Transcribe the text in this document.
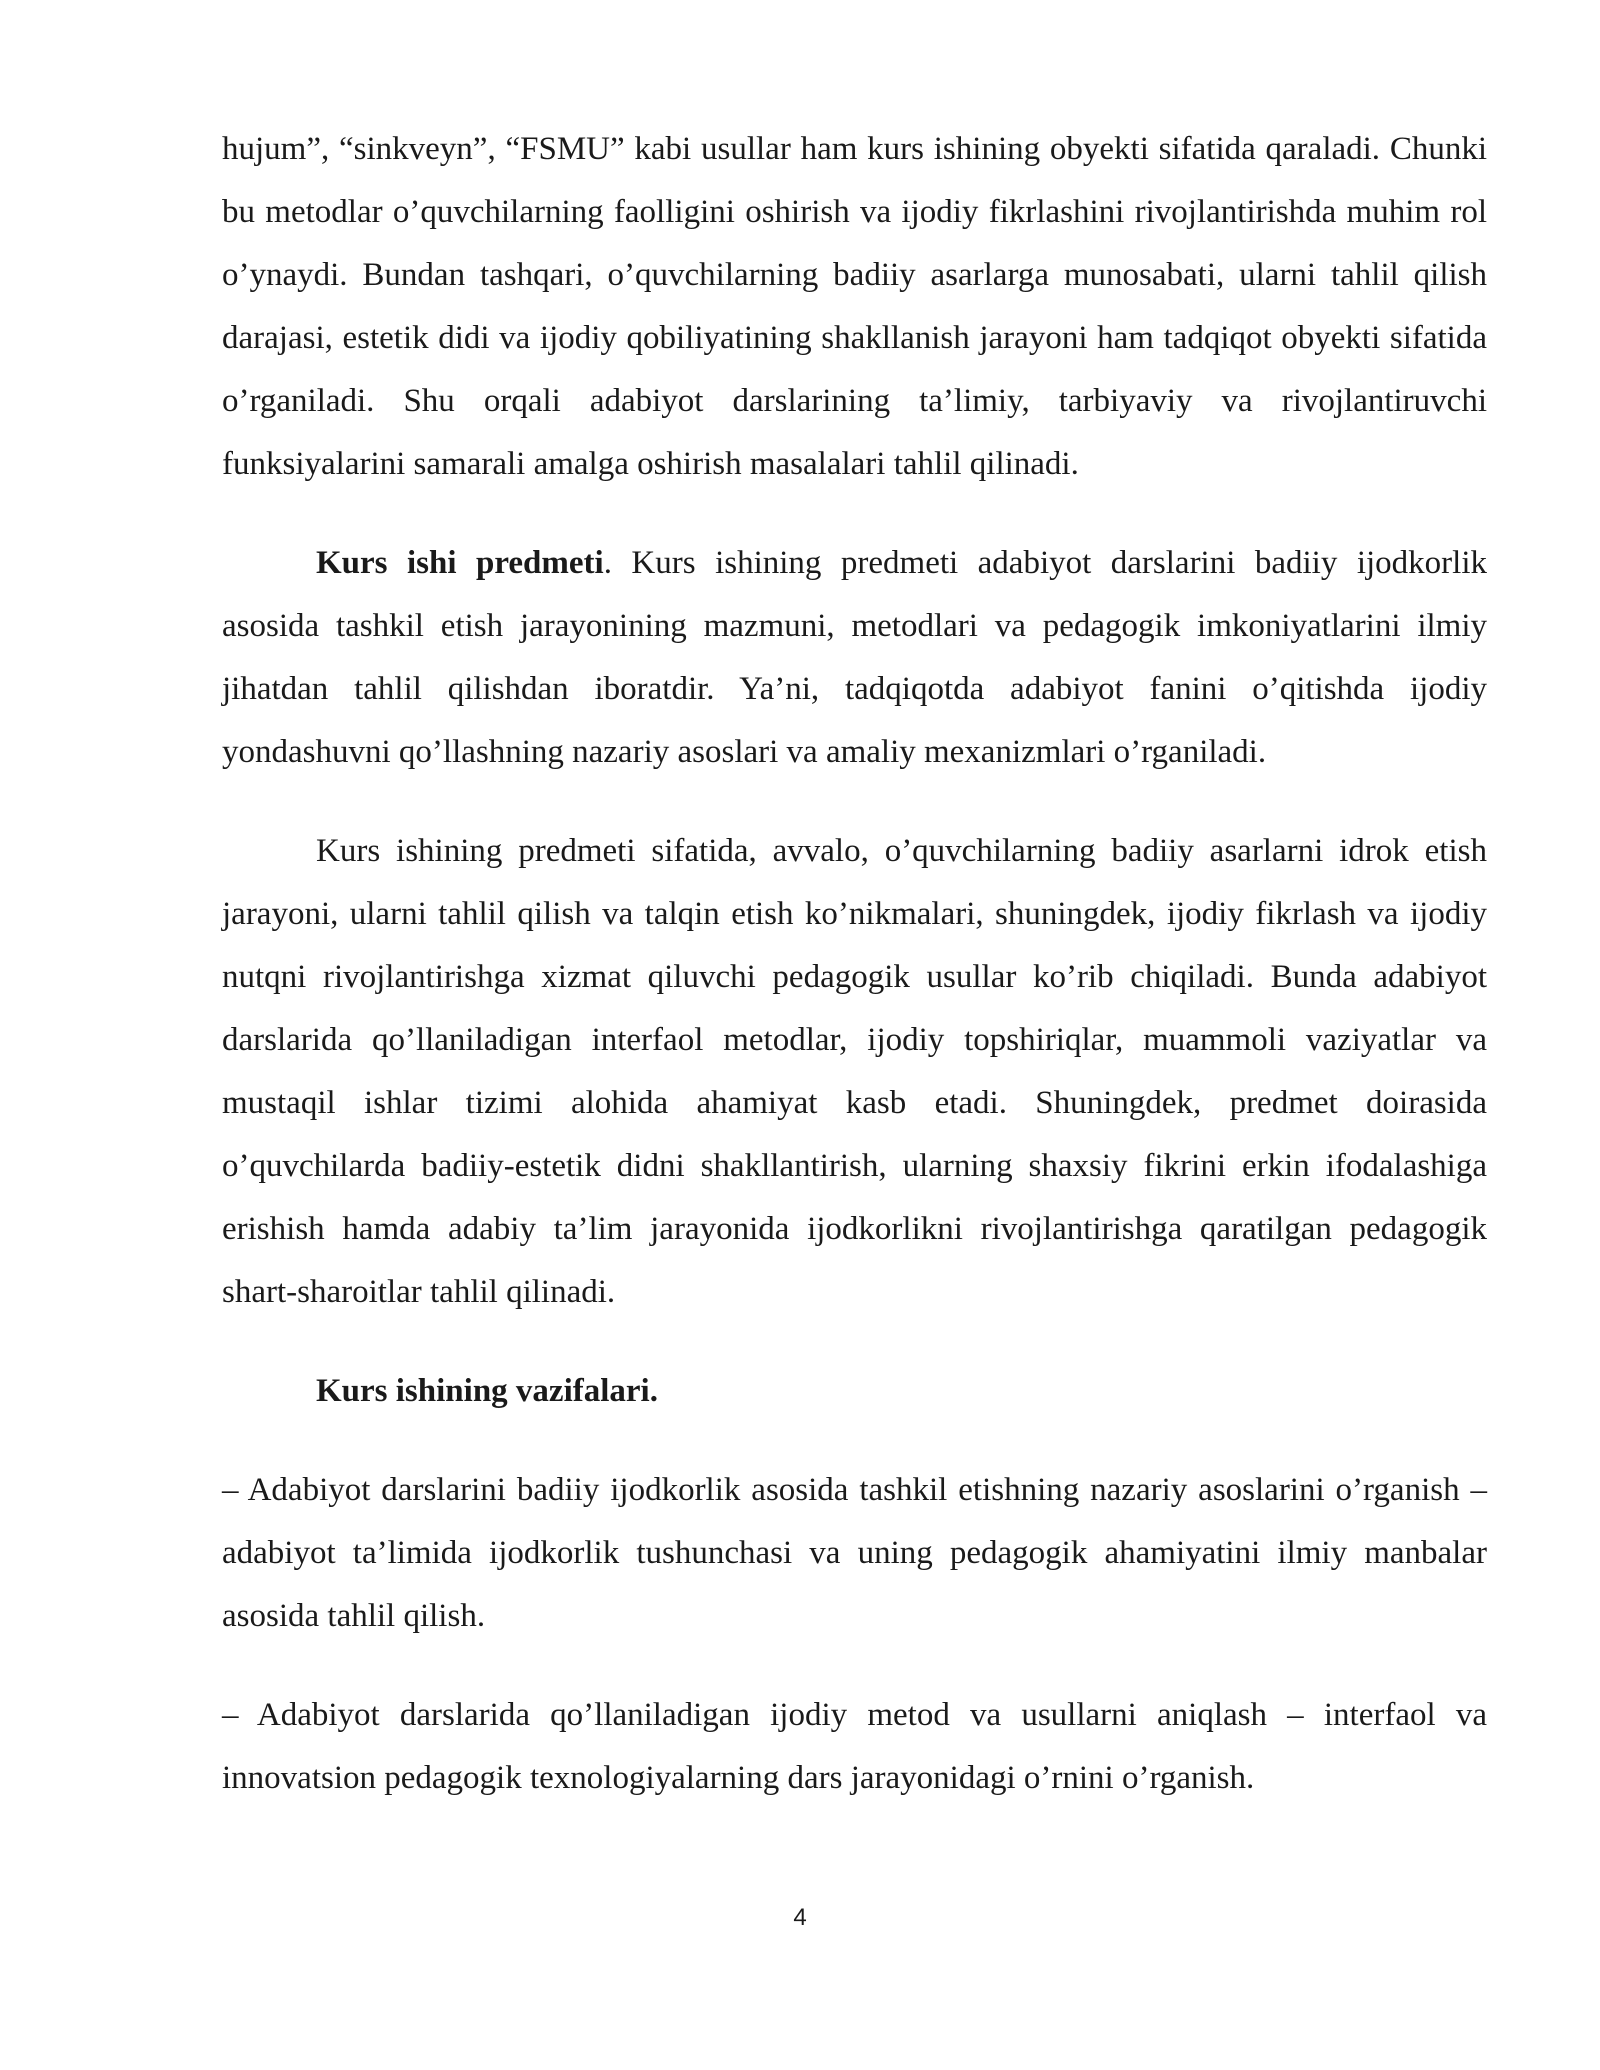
hujum”, “sinkveyn”, “FSMU” kabi usullar ham kurs ishining obyekti sifatida qaraladi. Chunki bu metodlar o’quvchilarning faolligini oshirish va ijodiy fikrlashini rivojlantirishda muhim rol o’ynaydi. Bundan tashqari, o’quvchilarning badiiy asarlarga munosabati, ularni tahlil qilish darajasi, estetik didi va ijodiy qobiliyatining shakllanish jarayoni ham tadqiqot obyekti sifatida o’rganiladi. Shu orqali adabiyot darslarining ta’limiy, tarbiyaviy va rivojlantiruvchi funksiyalarini samarali amalga oshirish masalalari tahlil qilinadi.

Kurs ishi predmeti. Kurs ishining predmeti adabiyot darslarini badiiy ijodkorlik asosida tashkil etish jarayonining mazmuni, metodlari va pedagogik imkoniyatlarini ilmiy jihatdan tahlil qilishdan iboratdir. Ya’ni, tadqiqotda adabiyot fanini o’qitishda ijodiy yondashuvni qo’llashning nazariy asoslari va amaliy mexanizmlari o’rganiladi.

Kurs ishining predmeti sifatida, avvalo, o’quvchilarning badiiy asarlarni idrok etish jarayoni, ularni tahlil qilish va talqin etish ko’nikmalari, shuningdek, ijodiy fikrlash va ijodiy nutqni rivojlantirishga xizmat qiluvchi pedagogik usullar ko’rib chiqiladi. Bunda adabiyot darslarida qo’llaniladigan interfaol metodlar, ijodiy topshiriqlar, muammoli vaziyatlar va mustaqil ishlar tizimi alohida ahamiyat kasb etadi. Shuningdek, predmet doirasida o’quvchilarda badiiy-estetik didni shakllantirish, ularning shaxsiy fikrini erkin ifodalashiga erishish hamda adabiy ta’lim jarayonida ijodkorlikni rivojlantirishga qaratilgan pedagogik shart-sharoitlar tahlil qilinadi.

Kurs ishining vazifalari.

– Adabiyot darslarini badiiy ijodkorlik asosida tashkil etishning nazariy asoslarini o’rganish – adabiyot ta’limida ijodkorlik tushunchasi va uning pedagogik ahamiyatini ilmiy manbalar asosida tahlil qilish.

– Adabiyot darslarida qo’llaniladigan ijodiy metod va usullarni aniqlash – interfaol va innovatsion pedagogik texnologiyalarning dars jarayonidagi o’rnini o’rganish.

4
